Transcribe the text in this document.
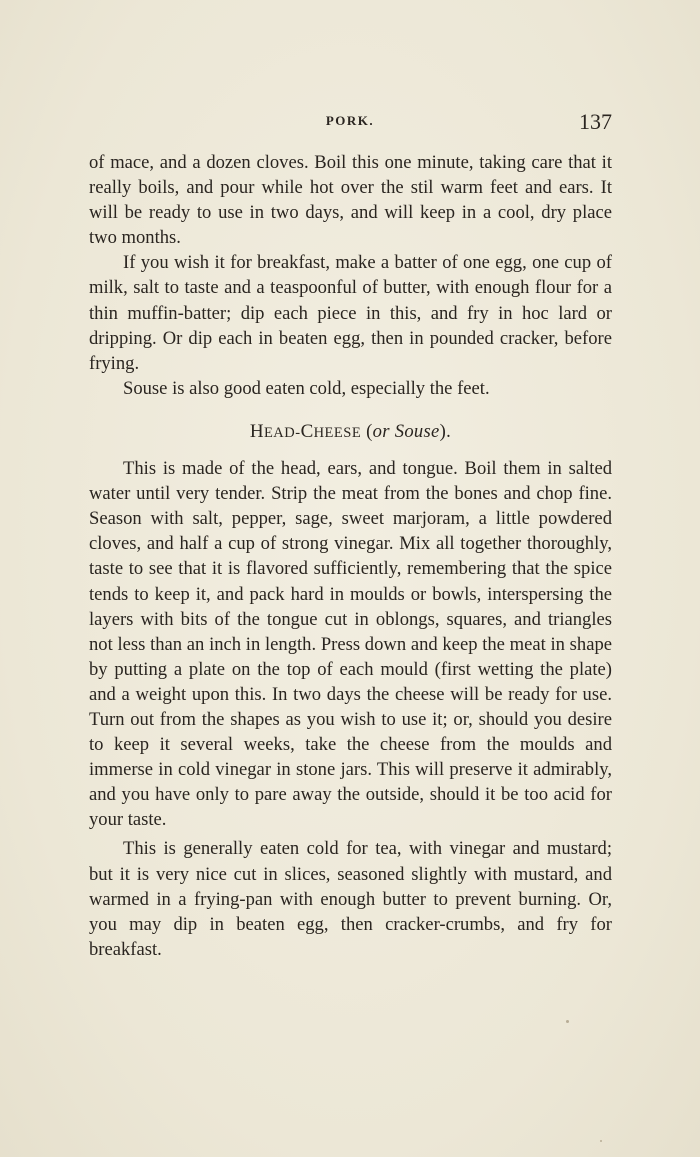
PORK.	137

of mace, and a dozen cloves. Boil this one minute, taking care that it really boils, and pour while hot over the stil warm feet and ears. It will be ready to use in two days, and will keep in a cool, dry place two months.

If you wish it for breakfast, make a batter of one egg, one cup of milk, salt to taste and a teaspoonful of butter, with enough flour for a thin muffin-batter; dip each piece in this, and fry in hoc lard or dripping. Or dip each in beaten egg, then in pounded cracker, before frying.

Souse is also good eaten cold, especially the feet.

HEAD-CHEESE (or Souse).

This is made of the head, ears, and tongue. Boil them in salted water until very tender. Strip the meat from the bones and chop fine. Season with salt, pepper, sage, sweet marjoram, a little powdered cloves, and half a cup of strong vinegar. Mix all together thoroughly, taste to see that it is flavored sufficiently, remembering that the spice tends to keep it, and pack hard in moulds or bowls, interspersing the layers with bits of the tongue cut in oblongs, squares, and triangles not less than an inch in length. Press down and keep the meat in shape by putting a plate on the top of each mould (first wetting the plate) and a weight upon this. In two days the cheese will be ready for use. Turn out from the shapes as you wish to use it; or, should you desire to keep it several weeks, take the cheese from the moulds and immerse in cold vinegar in stone jars. This will preserve it admirably, and you have only to pare away the outside, should it be too acid for your taste.

This is generally eaten cold for tea, with vinegar and mustard; but it is very nice cut in slices, seasoned slightly with mustard, and warmed in a frying-pan with enough butter to prevent burning. Or, you may dip in beaten egg, then cracker-crumbs, and fry for breakfast.
